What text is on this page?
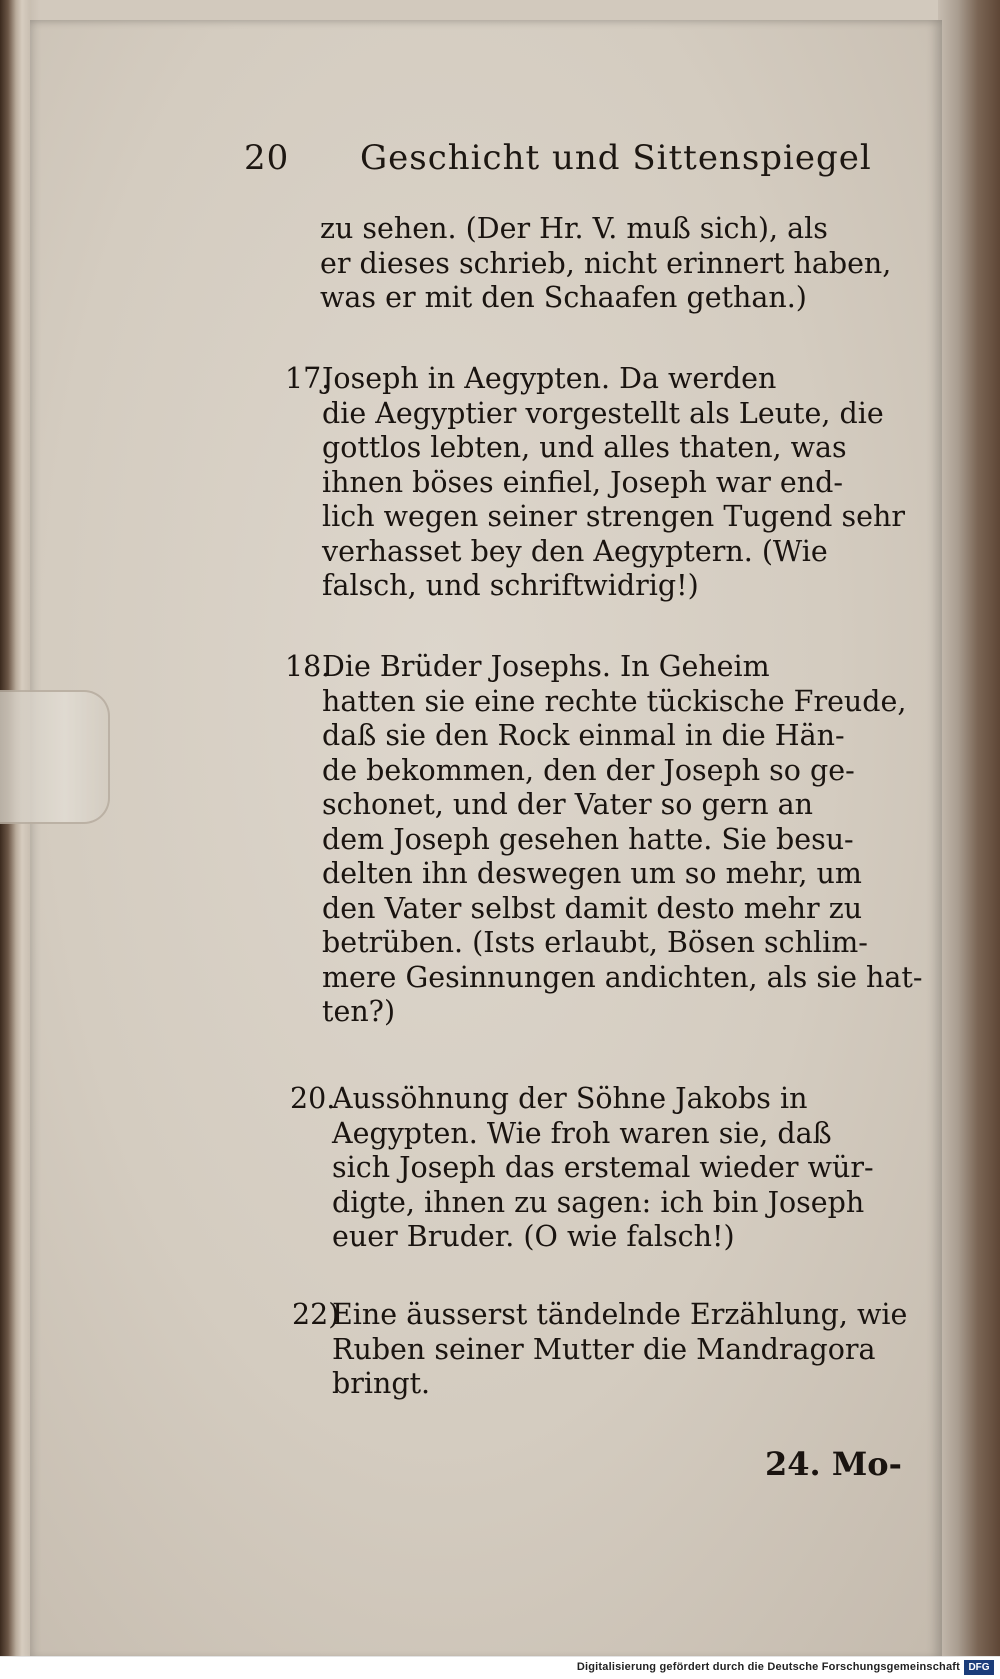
20 Geschicht und Sittenspiegel
zu sehen. (Der Hr. V. muß sich), als
er dieses schrieb, nicht erinnert haben,
was er mit den Schaafen gethan.)
17.
Joseph in Aegypten. Da werden
die Aegyptier vorgestellt als Leute, die
gottlos lebten, und alles thaten, was
ihnen böses einfiel, Joseph war end-
lich wegen seiner strengen Tugend sehr
verhasset bey den Aegyptern. (Wie
falsch, und schriftwidrig!)
18.
Die Brüder Josephs. In Geheim
hatten sie eine rechte tückische Freude,
daß sie den Rock einmal in die Hän-
de bekommen, den der Joseph so ge-
schonet, und der Vater so gern an
dem Joseph gesehen hatte. Sie besu-
delten ihn deswegen um so mehr, um
den Vater selbst damit desto mehr zu
betrüben. (Ists erlaubt, Bösen schlim-
mere Gesinnungen andichten, als sie hat-
ten?)
20.
Aussöhnung der Söhne Jakobs in
Aegypten. Wie froh waren sie, daß
sich Joseph das erstemal wieder wür-
digte, ihnen zu sagen: ich bin Joseph
euer Bruder. (O wie falsch!)
22)
Eine äusserst tändelnde Erzählung, wie
Ruben seiner Mutter die Mandragora
bringt.
24. Mo-
Digitalisierung gefördert durch die Deutsche Forschungsgemeinschaft DFG
